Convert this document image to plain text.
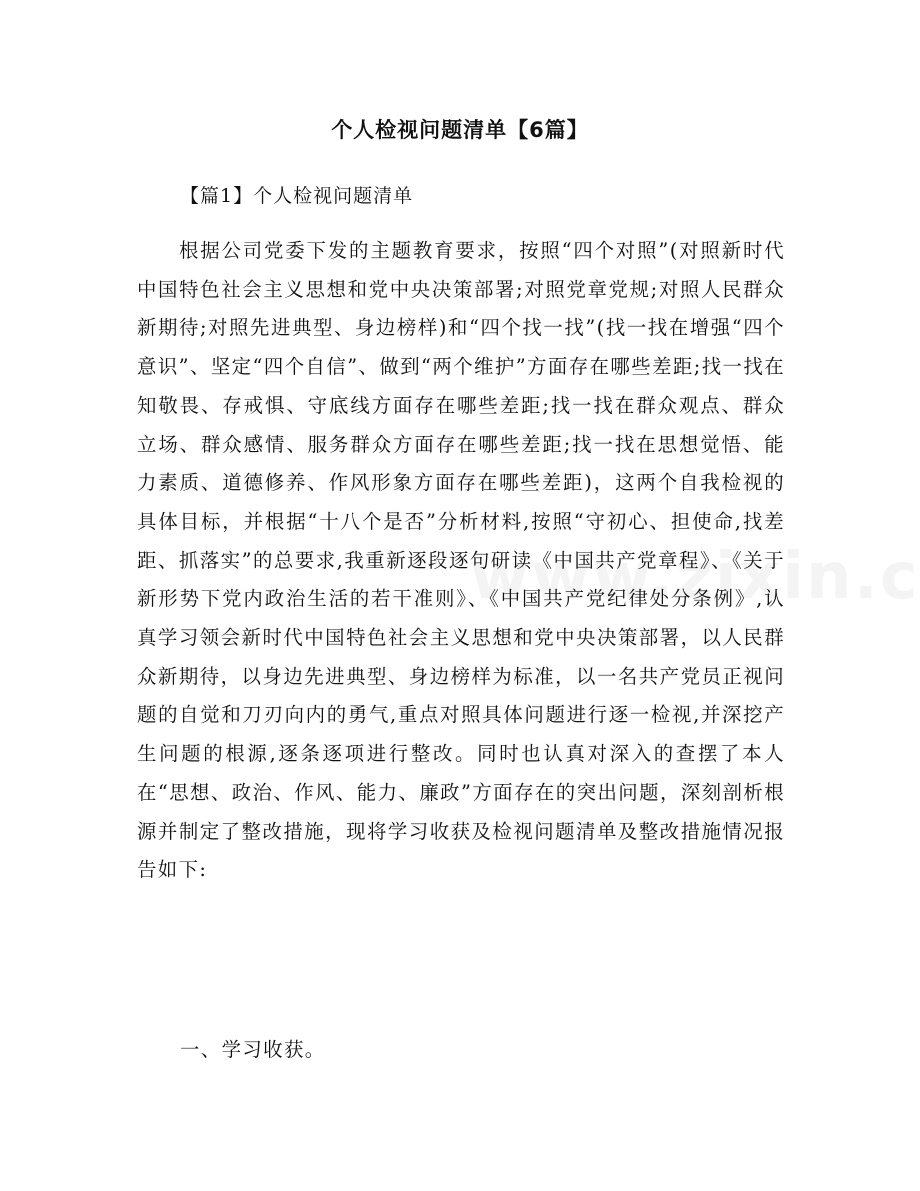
个人检视问题清单【6篇】
【篇1】个人检视问题清单
根据公司党委下发的主题教育要求，按照“四个对照”(对照新时代中国特色社会主义思想和党中央决策部署;对照党章党规;对照人民群众新期待;对照先进典型、身边榜样)和“四个找一找”(找一找在增强“四个意识”、坚定“四个自信”、做到“两个维护”方面存在哪些差距;找一找在知敬畏、存戒惧、守底线方面存在哪些差距;找一找在群众观点、群众立场、群众感情、服务群众方面存在哪些差距;找一找在思想觉悟、能力素质、道德修养、作风形象方面存在哪些差距)，这两个自我检视的具体目标，并根据“十八个是否”分析材料,按照“守初心、担使命,找差距、抓落实”的总要求,我重新逐段逐句研读《中国共产党章程》、《关于新形势下党内政治生活的若干准则》、《中国共产党纪律处分条例》,认真学习领会新时代中国特色社会主义思想和党中央决策部署，以人民群众新期待，以身边先进典型、身边榜样为标准，以一名共产党员正视问题的自觉和刀刃向内的勇气,重点对照具体问题进行逐一检视,并深挖产生问题的根源,逐条逐项进行整改。同时也认真对深入的查摆了本人在“思想、政治、作风、能力、廉政”方面存在的突出问题，深刻剖析根源并制定了整改措施，现将学习收获及检视问题清单及整改措施情况报告如下:
一、学习收获。
